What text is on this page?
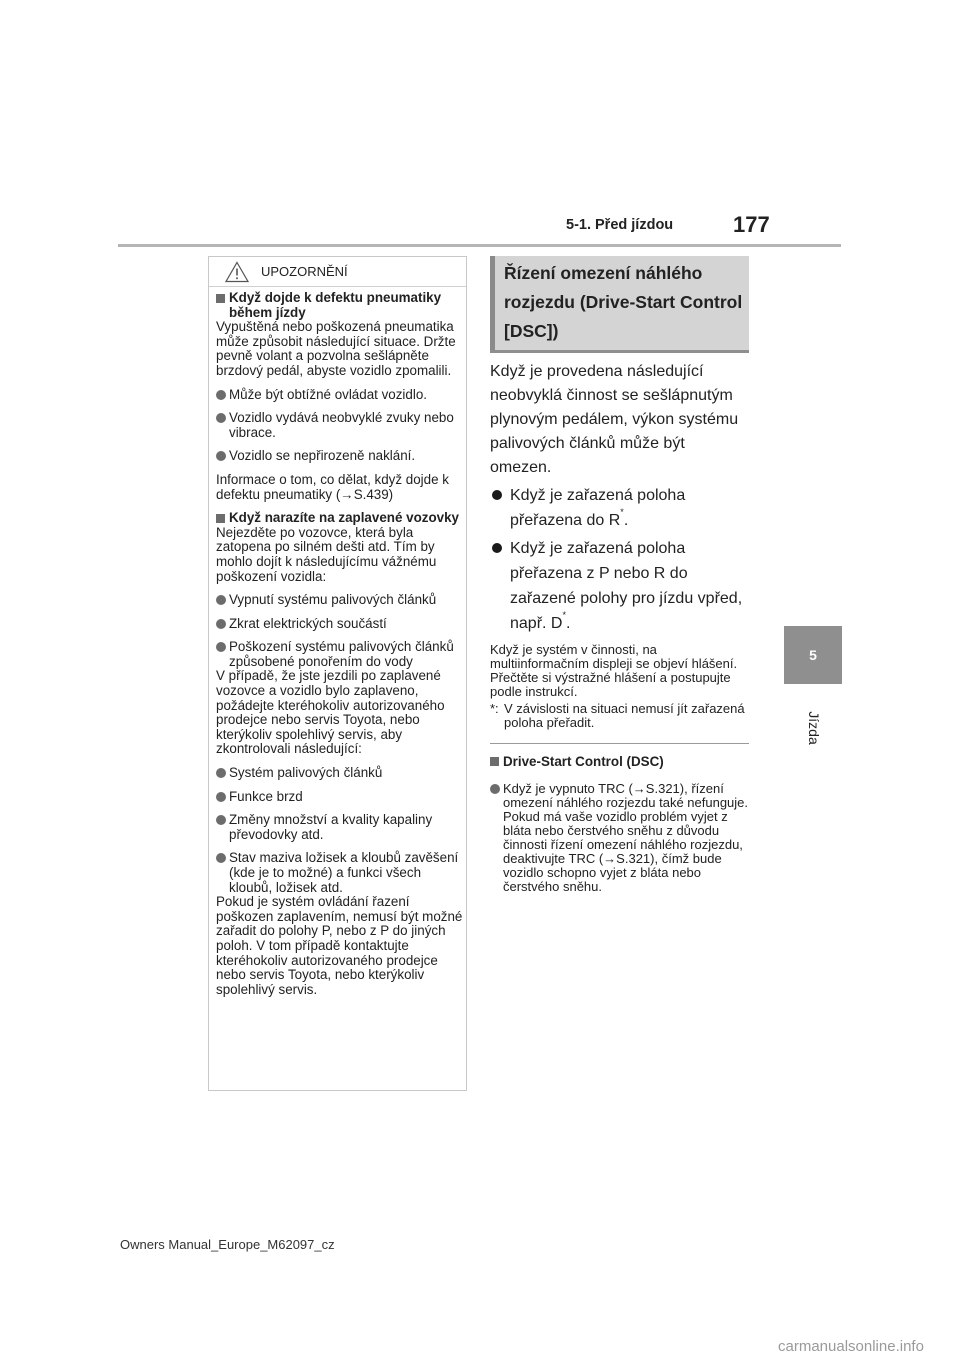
5-1. Před jízdou	177
5
Jízda
UPOZORNĚNÍ

Když dojde k defektu pneumatiky během jízdy

Vypuštěná nebo poškozená pneumatika může způsobit následující situace. Držte pevně volant a pozvolna sešlápněte brzdový pedál, abyste vozidlo zpomalili.

Může být obtížné ovládat vozidlo.

Vozidlo vydává neobvyklé zvuky nebo vibrace.

Vozidlo se nepřirozeně naklání.

Informace o tom, co dělat, když dojde k defektu pneumatiky (→S.439)

Když narazíte na zaplavené vozovky

Nejezděte po vozovce, která byla zatopena po silném dešti atd. Tím by mohlo dojít k následujícímu vážnému poškození vozidla:

Vypnutí systému palivových článků

Zkrat elektrických součástí

Poškození systému palivových článků způsobené ponořením do vody

V případě, že jste jezdili po zaplavené vozovce a vozidlo bylo zaplaveno, požádejte kteréhokoliv autorizovaného prodejce nebo servis Toyota, nebo kterýkoliv spolehlivý servis, aby zkontrolovali následující:

Systém palivových článků

Funkce brzd

Změny množství a kvality kapaliny převodovky atd.

Stav maziva ložisek a kloubů zavěšení (kde je to možné) a funkci všech kloubů, ložisek atd.

Pokud je systém ovládání řazení poškozen zaplavením, nemusí být možné zařadit do polohy P, nebo z P do jiných poloh. V tom případě kontaktujte kteréhokoliv autorizovaného prodejce nebo servis Toyota, nebo kterýkoliv spolehlivý servis.

Řízení omezení náhlého rozjezdu (Drive-Start Control [DSC])

Když je provedena následující neobvyklá činnost se sešlápnutým plynovým pedálem, výkon systému palivových článků může být omezen.

Když je zařazená poloha přeřazena do R*.

Když je zařazená poloha přeřazena z P nebo R do zařazené polohy pro jízdu vpřed, např. D*.

Když je systém v činnosti, na multiinformačním displeji se objeví hlášení. Přečtěte si výstražné hlášení a postupujte podle instrukcí.

*: V závislosti na situaci nemusí jít zařazená poloha přeřadit.

Drive-Start Control (DSC)

Když je vypnuto TRC (→S.321), řízení omezení náhlého rozjezdu také nefunguje. Pokud má vaše vozidlo problém vyjet z bláta nebo čerstvého sněhu z důvodu činnosti řízení omezení náhlého rozjezdu, deaktivujte TRC (→S.321), čímž bude vozidlo schopno vyjet z bláta nebo čerstvého sněhu.

Owners Manual_Europe_M62097_cz
carmanualsonline.info
